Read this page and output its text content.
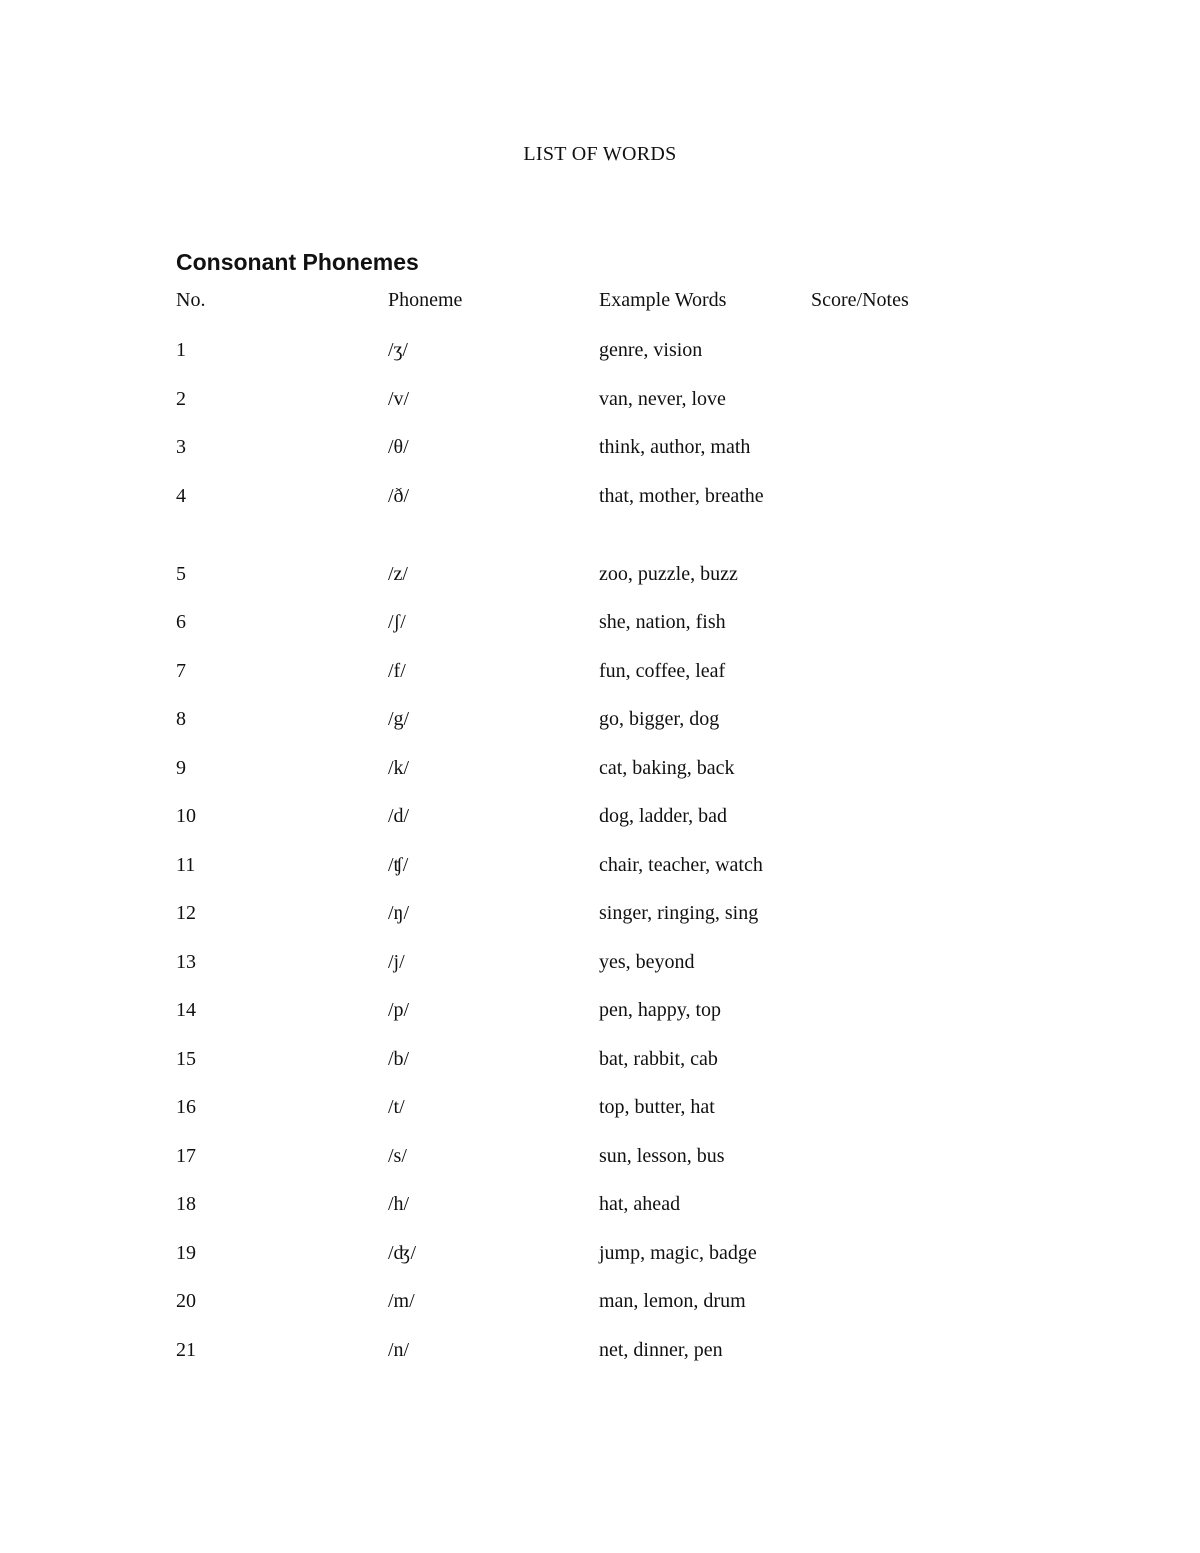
LIST OF WORDS
Consonant Phonemes
No.	Phoneme	Example Words	Score/Notes
1	/ʒ/	genre, vision
2	/v/	van, never, love
3	/θ/	think, author, math
4	/ð/	that, mother, breathe
5	/z/	zoo, puzzle, buzz
6	/ʃ/	she, nation, fish
7	/f/	fun, coffee, leaf
8	/g/	go, bigger, dog
9	/k/	cat, baking, back
10	/d/	dog, ladder, bad
11	/ʧ/	chair, teacher, watch
12	/ŋ/	singer, ringing, sing
13	/j/	yes, beyond
14	/p/	pen, happy, top
15	/b/	bat, rabbit, cab
16	/t/	top, butter, hat
17	/s/	sun, lesson, bus
18	/h/	hat, ahead
19	/ʤ/	jump, magic, badge
20	/m/	man, lemon, drum
21	/n/	net, dinner, pen
